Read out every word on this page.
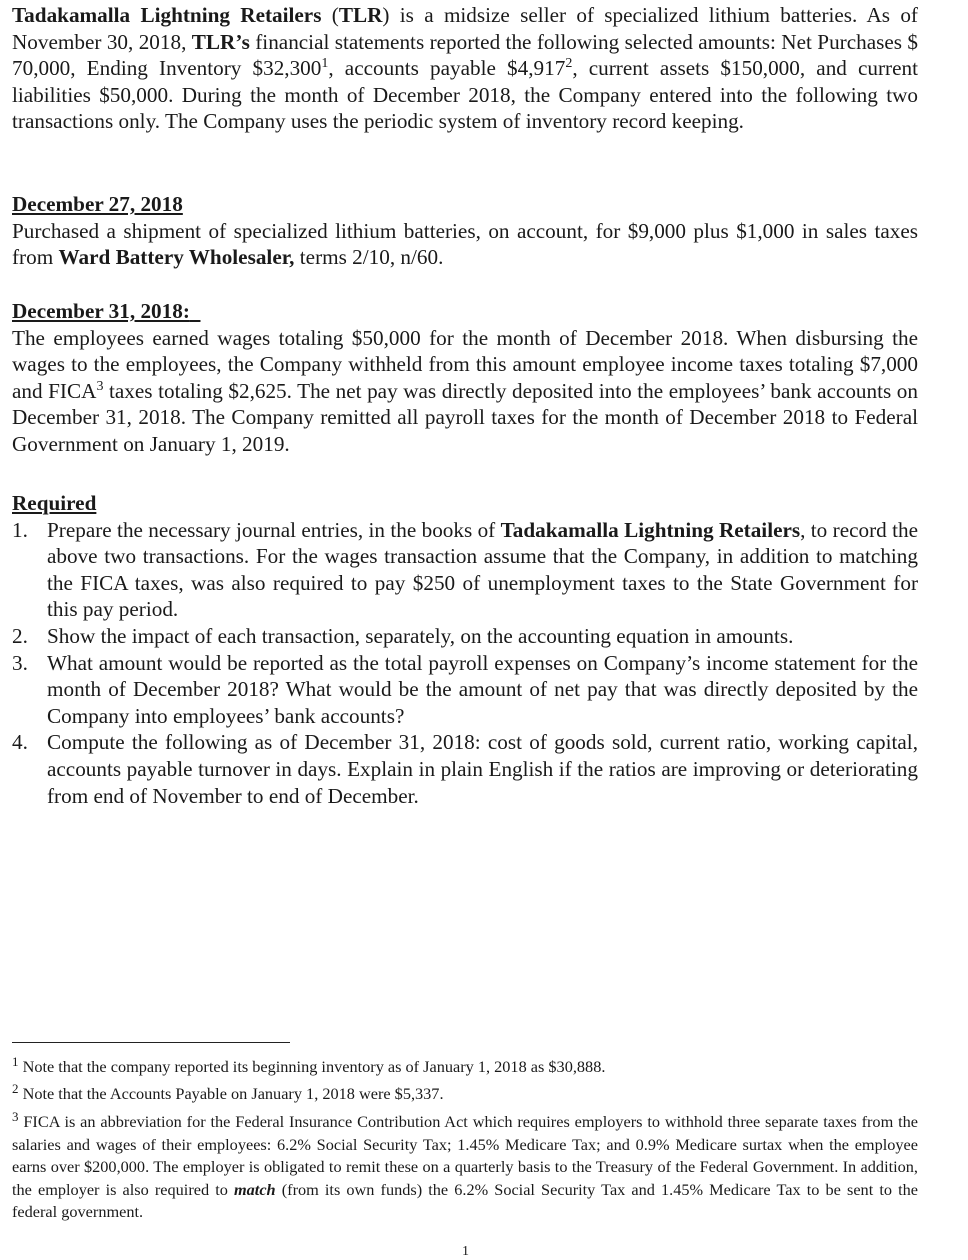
Tadakamalla Lightning Retailers (TLR) is a midsize seller of specialized lithium batteries. As of November 30, 2018, TLR’s financial statements reported the following selected amounts: Net Purchases $ 70,000, Ending Inventory $32,300$^1$, accounts payable $4,917$^2$, current assets $150,000, and current liabilities $50,000. During the month of December 2018, the Company entered into the following two transactions only. The Company uses the periodic system of inventory record keeping.

December 27, 2018

Purchased a shipment of specialized lithium batteries, on account, for $9,000 plus $1,000 in sales taxes from Ward Battery Wholesaler, terms 2/10, n/60.

December 31, 2018:

The employees earned wages totaling $50,000 for the month of December 2018. When disbursing the wages to the employees, the Company withheld from this amount employee income taxes totaling $7,000 and FICA$^3$ taxes totaling $2,625. The net pay was directly deposited into the employees’ bank accounts on December 31, 2018. The Company remitted all payroll taxes for the month of December 2018 to Federal Government on January 1, 2019.

Required

1. Prepare the necessary journal entries, in the books of Tadakamalla Lightning Retailers, to record the above two transactions. For the wages transaction assume that the Company, in addition to matching the FICA taxes, was also required to pay $250 of unemployment taxes to the State Government for this pay period.
2. Show the impact of each transaction, separately, on the accounting equation in amounts.
3. What amount would be reported as the total payroll expenses on Company’s income statement for the month of December 2018? What would be the amount of net pay that was directly deposited by the Company into employees’ bank accounts?
4. Compute the following as of December 31, 2018: cost of goods sold, current ratio, working capital, accounts payable turnover in days. Explain in plain English if the ratios are improving or deteriorating from end of November to end of December.

$^1$ Note that the company reported its beginning inventory as of January 1, 2018 as $30,888.

$^2$ Note that the Accounts Payable on January 1, 2018 were $5,337.

$^3$ FICA is an abbreviation for the Federal Insurance Contribution Act which requires employers to withhold three separate taxes from the salaries and wages of their employees: 6.2% Social Security Tax; 1.45% Medicare Tax; and 0.9% Medicare surtax when the employee earns over $200,000. The employer is obligated to remit these on a quarterly basis to the Treasury of the Federal Government. In addition, the employer is also required to match (from its own funds) the 6.2% Social Security Tax and 1.45% Medicare Tax to be sent to the federal government.

1
